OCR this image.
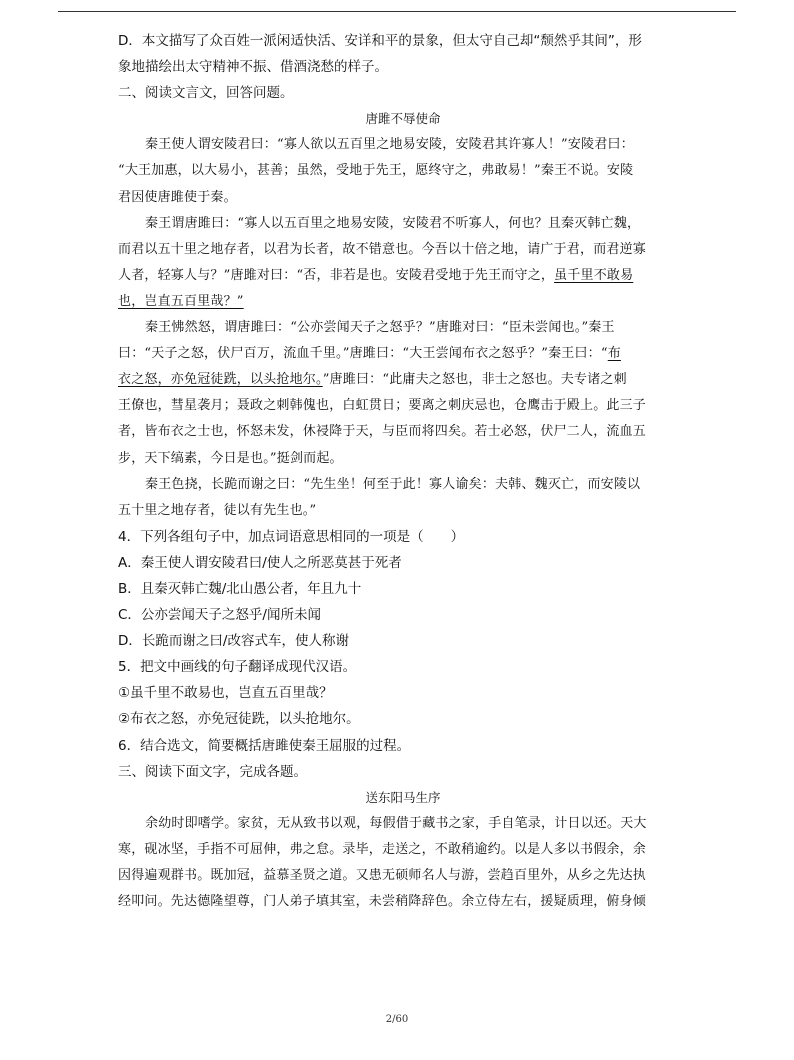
D．本文描写了众百姓一派闲适快活、安详和平的景象，但太守自己却“颓然乎其间”，形
象地描绘出太守精神不振、借酒浇愁的样子。
二、阅读文言文，回答问题。
唐雎不辱使命
秦王使人谓安陵君曰：“寡人欲以五百里之地易安陵，安陵君其许寡人！”安陵君曰：
“大王加惠，以大易小，甚善；虽然，受地于先王，愿终守之，弗敢易！”秦王不说。安陵
君因使唐雎使于秦。
秦王谓唐雎曰：“寡人以五百里之地易安陵，安陵君不听寡人，何也？且秦灭韩亡魏，
而君以五十里之地存者，以君为长者，故不错意也。今吾以十倍之地，请广于君，而君逆寡
人者，轻寡人与？”唐雎对曰：“否，非若是也。安陵君受地于先王而守之，虽千里不敢易
也，岂直五百里哉？”
秦王怫然怒，谓唐雎曰：“公亦尝闻天子之怒乎？”唐雎对曰：“臣未尝闻也。”秦王
曰：“天子之怒，伏尸百万，流血千里。”唐雎曰：“大王尝闻布衣之怒乎？”秦王曰：“布
衣之怒，亦免冠徒跣，以头抢地尔。”唐雎曰：“此庸夫之怒也，非士之怒也。夫专诸之刺
王僚也，彗星袭月；聂政之刺韩傀也，白虹贯日；要离之刺庆忌也，仓鹰击于殿上。此三子
者，皆布衣之士也，怀怒未发，休祲降于天，与臣而将四矣。若士必怒，伏尸二人，流血五
步，天下缟素，今日是也。”挺剑而起。
秦王色挠，长跪而谢之曰：“先生坐！何至于此！寡人谕矣：夫韩、魏灭亡，而安陵以
五十里之地存者，徒以有先生也。”
4．下列各组句子中，加点词语意思相同的一项是（　　）
A．秦王使人谓安陵君曰/使人之所恶莫甚于死者
B．且秦灭韩亡魏/北山愚公者，年且九十
C．公亦尝闻天子之怒乎/闻所未闻
D．长跪而谢之曰/改容式车，使人称谢
5．把文中画线的句子翻译成现代汉语。
①虽千里不敢易也，岂直五百里哉？
②布衣之怒，亦免冠徒跣，以头抢地尔。
6．结合选文，简要概括唐雎使秦王屈服的过程。
三、阅读下面文字，完成各题。
送东阳马生序
余幼时即嗜学。家贫，无从致书以观，每假借于藏书之家，手自笔录，计日以还。天大
寒，砚冰坚，手指不可屈伸，弗之怠。录毕，走送之，不敢稍逾约。以是人多以书假余，余
因得遍观群书。既加冠，益慕圣贤之道。又患无硕师名人与游，尝趋百里外，从乡之先达执
经叩问。先达德隆望尊，门人弟子填其室，未尝稍降辞色。余立侍左右，援疑质理，俯身倾
2/60
